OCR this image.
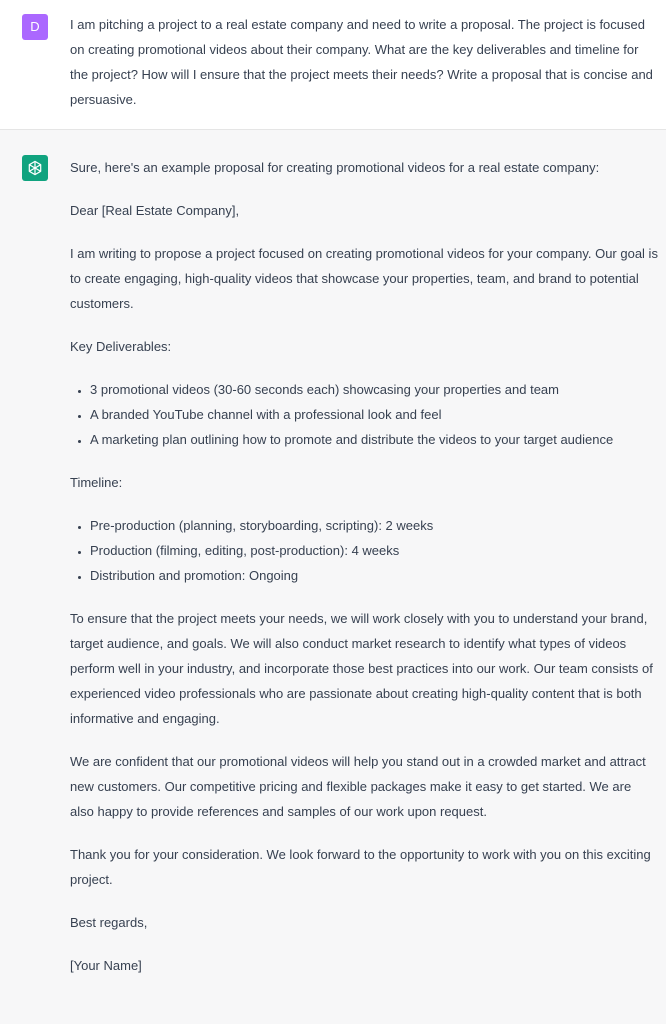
D	I am pitching a project to a real estate company and need to write a proposal. The project is focused on creating promotional videos about their company. What are the key deliverables and timeline for the project? How will I ensure that the project meets their needs? Write a proposal that is concise and persuasive.

Sure, here's an example proposal for creating promotional videos for a real estate company:

Dear [Real Estate Company],

I am writing to propose a project focused on creating promotional videos for your company. Our goal is to create engaging, high-quality videos that showcase your properties, team, and brand to potential customers.

Key Deliverables:

• 3 promotional videos (30-60 seconds each) showcasing your properties and team
• A branded YouTube channel with a professional look and feel
• A marketing plan outlining how to promote and distribute the videos to your target audience

Timeline:

• Pre-production (planning, storyboarding, scripting): 2 weeks
• Production (filming, editing, post-production): 4 weeks
• Distribution and promotion: Ongoing

To ensure that the project meets your needs, we will work closely with you to understand your brand, target audience, and goals. We will also conduct market research to identify what types of videos perform well in your industry, and incorporate those best practices into our work. Our team consists of experienced video professionals who are passionate about creating high-quality content that is both informative and engaging.

We are confident that our promotional videos will help you stand out in a crowded market and attract new customers. Our competitive pricing and flexible packages make it easy to get started. We are also happy to provide references and samples of our work upon request.

Thank you for your consideration. We look forward to the opportunity to work with you on this exciting project.

Best regards,

[Your Name]
